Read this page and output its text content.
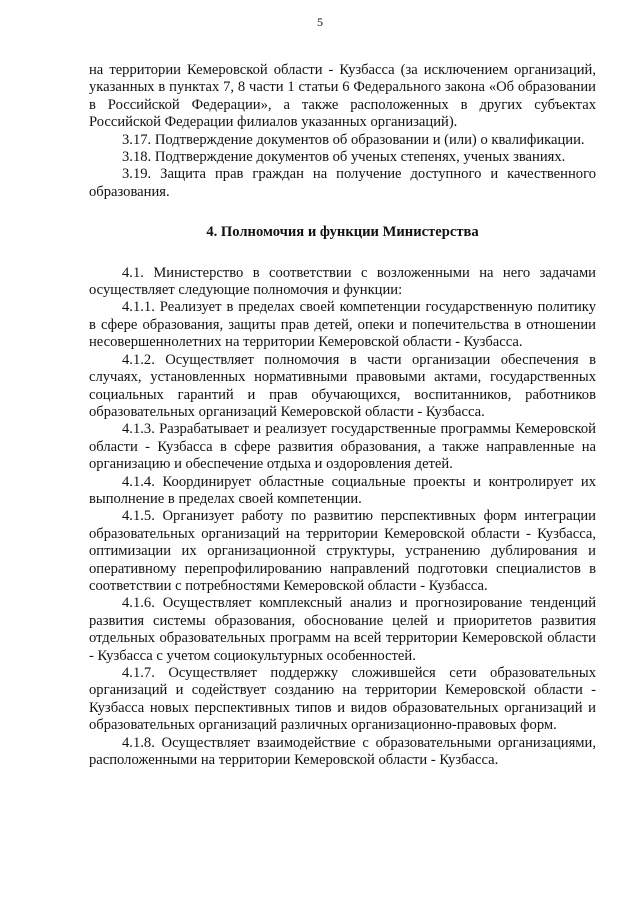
5

на территории Кемеровской области - Кузбасса (за исключением организаций, указанных в пунктах 7, 8 части 1 статьи 6 Федерального закона «Об образовании в Российской Федерации», а также расположенных в других субъектах Российской Федерации филиалов указанных организаций).

3.17. Подтверждение документов об образовании и (или) о квалификации.

3.18. Подтверждение документов об ученых степенях, ученых званиях.

3.19. Защита прав граждан на получение доступного и качественного образования.

4. Полномочия и функции Министерства

4.1. Министерство в соответствии с возложенными на него задачами осуществляет следующие полномочия и функции:

4.1.1. Реализует в пределах своей компетенции государственную политику в сфере образования, защиты прав детей, опеки и попечительства в отношении несовершеннолетних на территории Кемеровской области - Кузбасса.

4.1.2. Осуществляет полномочия в части организации обеспечения в случаях, установленных нормативными правовыми актами, государственных социальных гарантий и прав обучающихся, воспитанников, работников образовательных организаций Кемеровской области - Кузбасса.

4.1.3. Разрабатывает и реализует государственные программы Кемеровской области - Кузбасса в сфере развития образования, а также направленные на организацию и обеспечение отдыха и оздоровления детей.

4.1.4. Координирует областные социальные проекты и контролирует их выполнение в пределах своей компетенции.

4.1.5. Организует работу по развитию перспективных форм интеграции образовательных организаций на территории Кемеровской области - Кузбасса, оптимизации их организационной структуры, устранению дублирования и оперативному перепрофилированию направлений подготовки специалистов в соответствии с потребностями Кемеровской области - Кузбасса.

4.1.6. Осуществляет комплексный анализ и прогнозирование тенденций развития системы образования, обоснование целей и приоритетов развития отдельных образовательных программ на всей территории Кемеровской области - Кузбасса с учетом социокультурных особенностей.

4.1.7. Осуществляет поддержку сложившейся сети образовательных организаций и содействует созданию на территории Кемеровской области - Кузбасса новых перспективных типов и видов образовательных организаций и образовательных организаций различных организационно-правовых форм.

4.1.8. Осуществляет взаимодействие с образовательными организациями, расположенными на территории Кемеровской области - Кузбасса.
